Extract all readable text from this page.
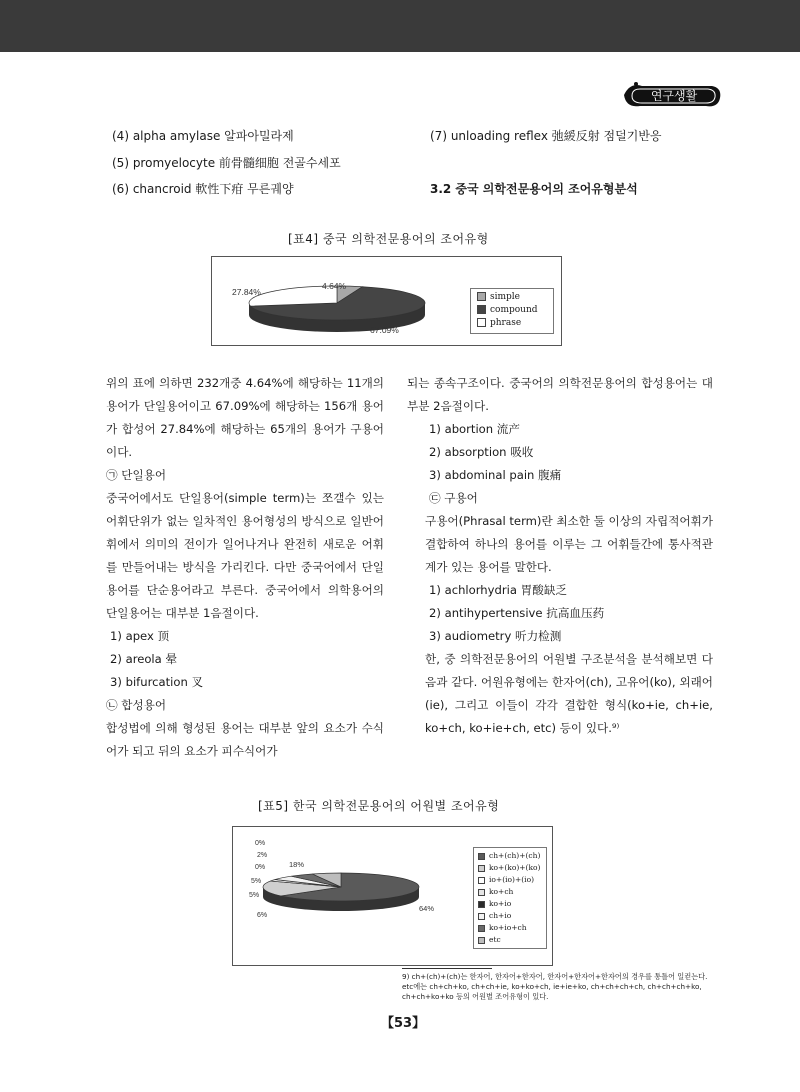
연구생활
(4) alpha amylase 알파아밀라제
(5) promyelocyte 前骨髓细胞 전골수세포
(6) chancroid 軟性下疳 무른궤양
(7) unloading reflex 弛緩反射 점덜기반응
3.2 중국 의학전문용어의 조어유형분석
[표4] 중국 의학전문용어의 조어유형
4.64%
67.09%
27.84%	simple
compound
phrase

위의 표에 의하면 232개중 4.64%에 해당하는 11개의 용어가 단일용어이고 67.09%에 해당하는 156개 용어가 합성어 27.84%에 해당하는 65개의 용어가 구용어이다.

㉠ 단일용어

중국어에서도 단일용어(simple term)는 쪼갤수 있는 어휘단위가 없는 일차적인 용어형성의 방식으로 일반어휘에서 의미의 전이가 일어나거나 완전히 새로운 어휘를 만들어내는 방식을 가리킨다. 다만 중국어에서 단일용어를 단순용어라고 부른다. 중국어에서 의학용어의 단일용어는 대부분 1음절이다.

1) apex 顶

2) areola 晕

3) bifurcation 叉

㉡ 합성용어

합성법에 의해 형성된 용어는 대부분 앞의 요소가 수식어가 되고 뒤의 요소가 피수식어가

되는 종속구조이다. 중국어의 의학전문용어의 합성용어는 대부분 2음절이다.

1) abortion 流产

2) absorption 吸收

3) abdominal pain 腹痛

㉢ 구용어

구용어(Phrasal term)란 최소한 둘 이상의 자립적어휘가 결합하여 하나의 용어를 이루는 그 어휘들간에 통사적관계가 있는 용어를 말한다.

1) achlorhydria 胃酸缺乏

2) antihypertensive 抗高血压药

3) audiometry 听力检测

한, 중 의학전문용어의 어원별 구조분석을 분석해보면 다음과 같다. 어원유형에는 한자어(ch), 고유어(ko), 외래어(ie), 그리고 이들이 각각 결합한 형식(ko+ie, ch+ie, ko+ch, ko+ie+ch, etc) 등이 있다.⁹⁾

[표5] 한국 의학전문용어의 어원별 조어유형
64%
18%
0%
2%
0%
5%
5%
6%
ch+(ch)+(ch)
ko+(ko)+(ko)
io+(io)+(io)
ko+ch
ko+io
ch+io
ko+io+ch
etc
9) ch+(ch)+(ch)는 한자어, 한자어+한자어, 한자어+한자어+한자어의 경우를 통틀어 일컫는다. etc에는 ch+ch+ko, ch+ch+ie, ko+ko+ch, ie+ie+ko, ch+ch+ch+ch, ch+ch+ch+ko, ch+ch+ko+ko 등의 어원별 조어유형이 있다.
【53】
